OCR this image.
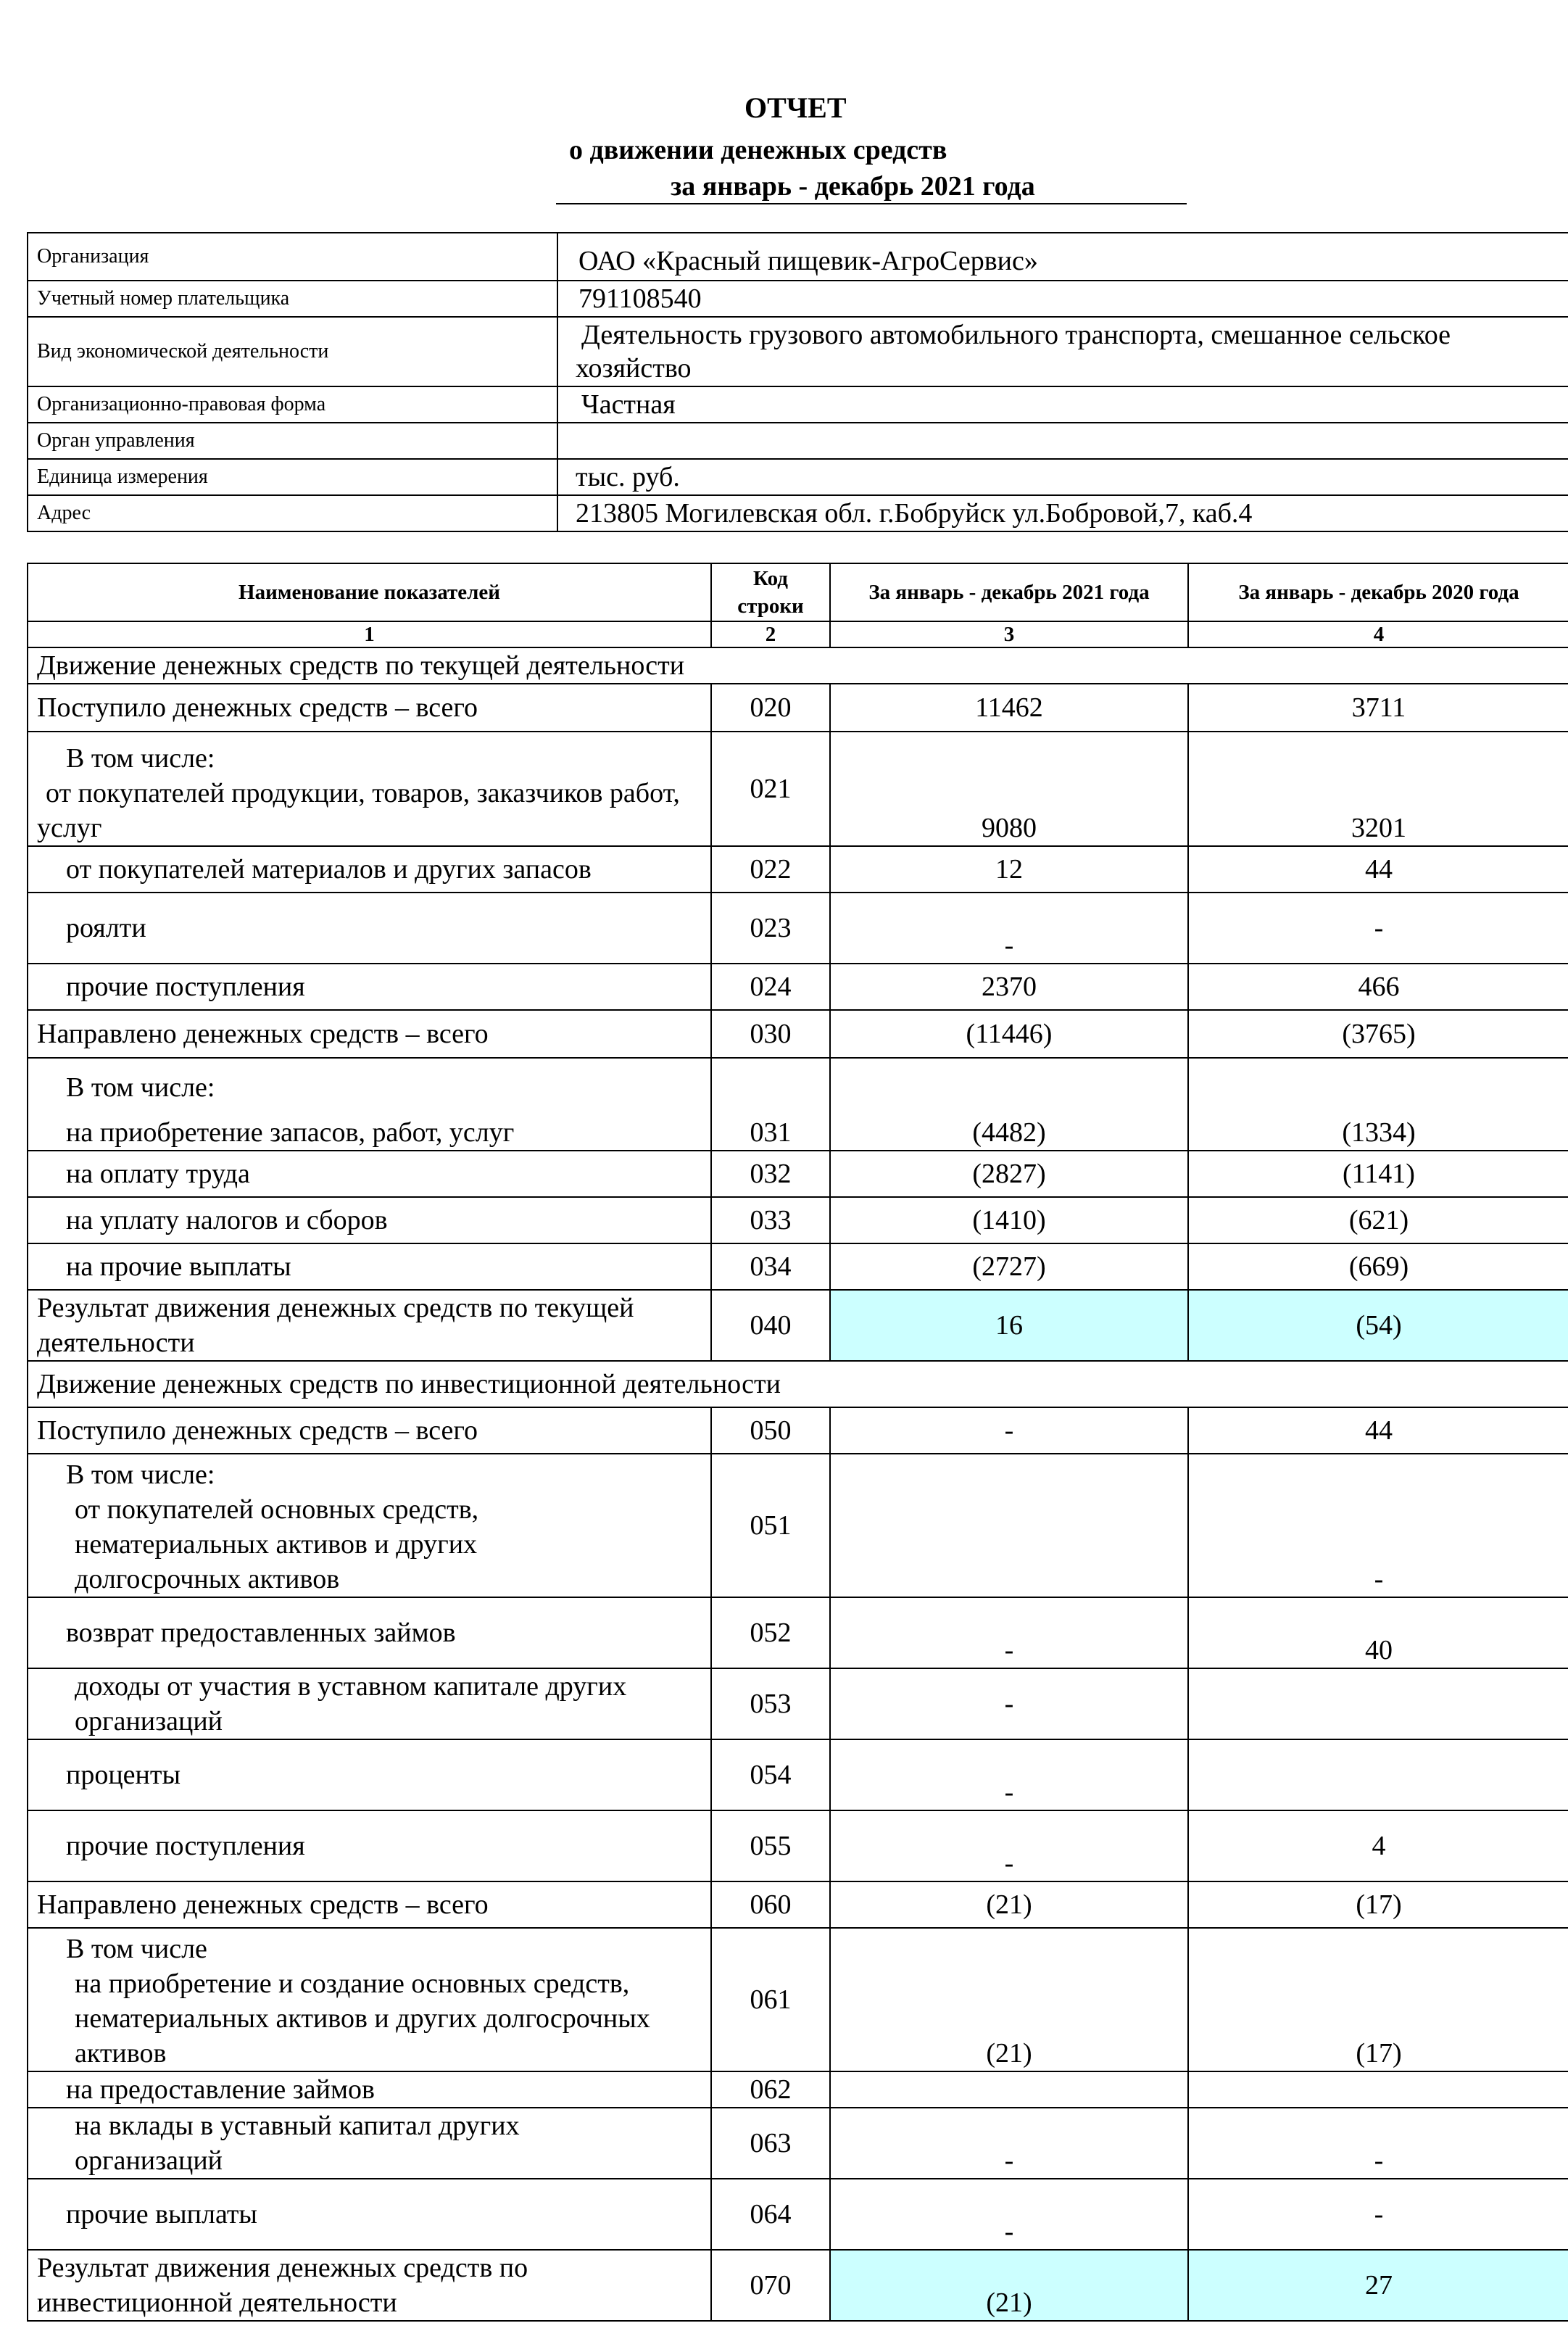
ОТЧЕТ
о движении денежных средств
за январь - декабрь 2021 года
Организация	ОАО «Красный пищевик-АгроСервис»
Учетный номер плательщика	791108540
Вид экономической деятельности	Деятельность грузового автомобильного транспорта, смешанное сельское хозяйство
Организационно-правовая форма	Частная
Орган управления	
Единица измерения	тыс. руб.
Адрес	213805 Могилевская обл. г.Бобруйск ул.Бобровой,7, каб.4
Наименование показателей	Код строки	За январь - декабрь 2021 года	За январь - декабрь 2020 года
1	2	3	4
Движение денежных средств по текущей деятельности			
Поступило денежных средств – всего	020	11462	3711

В том числе:
от покупателей продукции, товаров, заказчиков работ, услуг	021	9080	3201

от покупателей материалов и других запасов	022	12	44

роялти	023	-	-

прочие поступления	024	2370	466
Направлено денежных средств – всего	030	(11446)	(3765)

В том числе:
на приобретение запасов, работ, услуг	031	(4482)	(1334)

на оплату труда	032	(2827)	(1141)

на уплату налогов и сборов	033	(1410)	(621)

на прочие выплаты	034	(2727)	(669)
Результат движения денежных средств по текущей деятельности	040	16	(54)
Движение денежных средств по инвестиционной деятельности			
Поступило денежных средств – всего	050	-	44

В том числе:
от покупателей основных средств, нематериальных активов и других долгосрочных активов	051		-

возврат предоставленных займов	052	-	40

доходы от участия в уставном капитале других организаций	053	-	

проценты	054	-	

прочие поступления	055	-	4
Направлено денежных средств – всего	060	(21)	(17)

В том числе
на приобретение и создание основных средств, нематериальных активов и других долгосрочных активов	061	(21)	(17)

на предоставление займов	062		

на вклады в уставный капитал других организаций	063	-	-

прочие выплаты	064	-	-
Результат движения денежных средств по инвестиционной деятельности	070	(21)	27
